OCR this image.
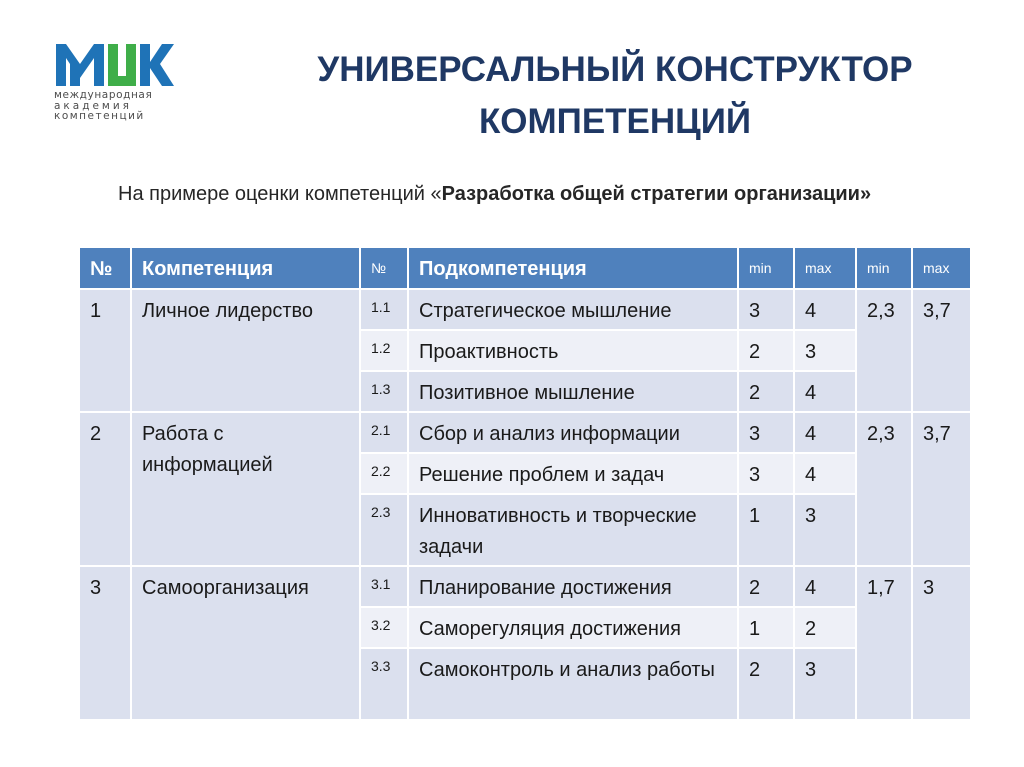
международная
академия
компетенций
УНИВЕРСАЛЬНЫЙ КОНСТРУКТОР
КОМПЕТЕНЦИЙ

На примере оценки компетенций «Разработка общей стратегии организации»

№	Компетенция	№	Подкомпетенция	min	max	min	max
1	Личное лидерство	1.1	Стратегическое мышление	3	4	2,3	3,7
		1.2	Проактивность	2	3		
		1.3	Позитивное мышление	2	4		
2	Работа с информацией	2.1	Сбор и анализ информации	3	4	2,3	3,7
		2.2	Решение проблем и задач	3	4		
		2.3	Инновативность и творческие задачи	1	3		
3	Самоорганизация	3.1	Планирование достижения	2	4	1,7	3
		3.2	Саморегуляция достижения	1	2		
		3.3	Самоконтроль и анализ работы	2	3		
